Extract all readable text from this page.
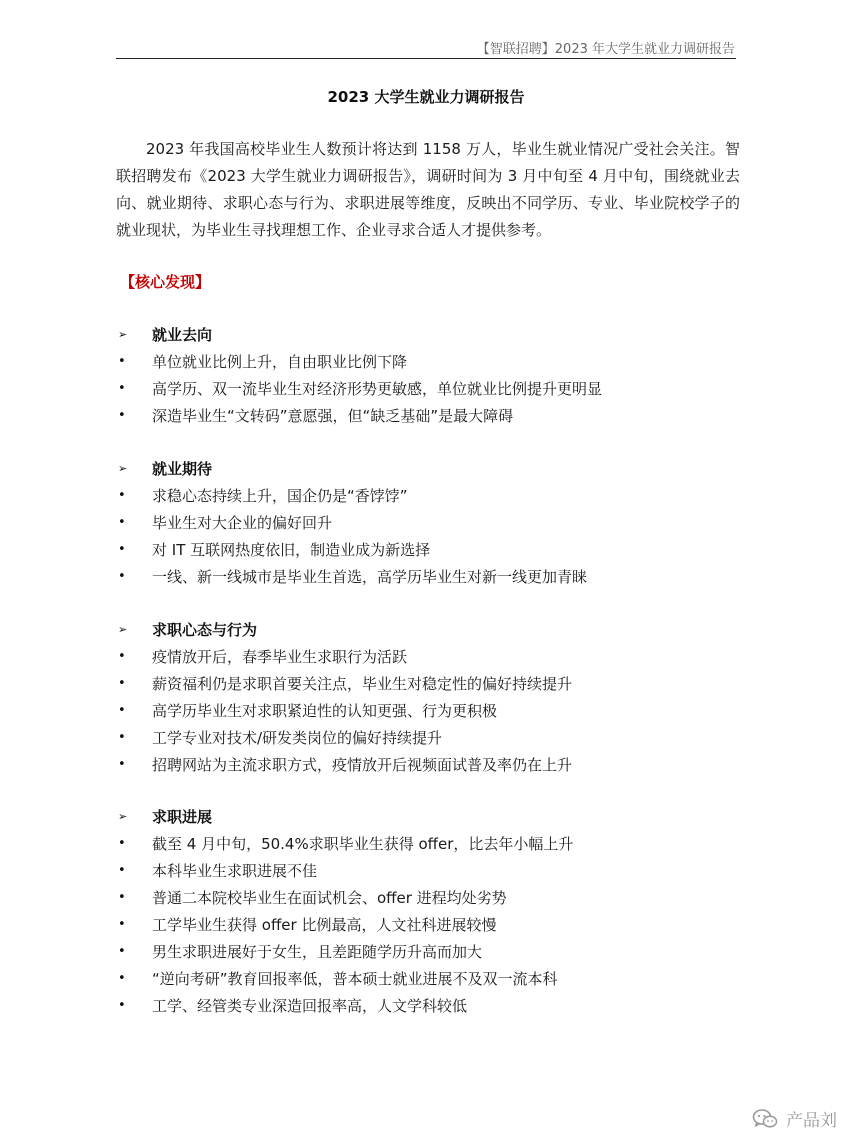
【智联招聘】2023 年大学生就业力调研报告
2023 大学生就业力调研报告

2023 年我国高校毕业生人数预计将达到 1158 万人，毕业生就业情况广受社会关注。智联招聘发布《2023 大学生就业力调研报告》，调研时间为 3 月中旬至 4 月中旬，围绕就业去向、就业期待、求职心态与行为、求职进展等维度，反映出不同学历、专业、毕业院校学子的就业现状，为毕业生寻找理想工作、企业寻求合适人才提供参考。

【核心发现】
➢	就业去向
•	单位就业比例上升，自由职业比例下降
•	高学历、双一流毕业生对经济形势更敏感，单位就业比例提升更明显
•	深造毕业生“文转码”意愿强，但“缺乏基础”是最大障碍
➢	就业期待
•	求稳心态持续上升，国企仍是“香饽饽”
•	毕业生对大企业的偏好回升
•	对 IT 互联网热度依旧，制造业成为新选择
•	一线、新一线城市是毕业生首选，高学历毕业生对新一线更加青睐
➢	求职心态与行为
•	疫情放开后，春季毕业生求职行为活跃
•	薪资福利仍是求职首要关注点，毕业生对稳定性的偏好持续提升
•	高学历毕业生对求职紧迫性的认知更强、行为更积极
•	工学专业对技术/研发类岗位的偏好持续提升
•	招聘网站为主流求职方式，疫情放开后视频面试普及率仍在上升
➢	求职进展
•	截至 4 月中旬，50.4%求职毕业生获得 offer，比去年小幅上升
•	本科毕业生求职进展不佳
•	普通二本院校毕业生在面试机会、offer 进程均处劣势
•	工学毕业生获得 offer 比例最高，人文社科进展较慢
•	男生求职进展好于女生，且差距随学历升高而加大
•	“逆向考研”教育回报率低，普本硕士就业进展不及双一流本科
•	工学、经管类专业深造回报率高，人文学科较低
产品刘
